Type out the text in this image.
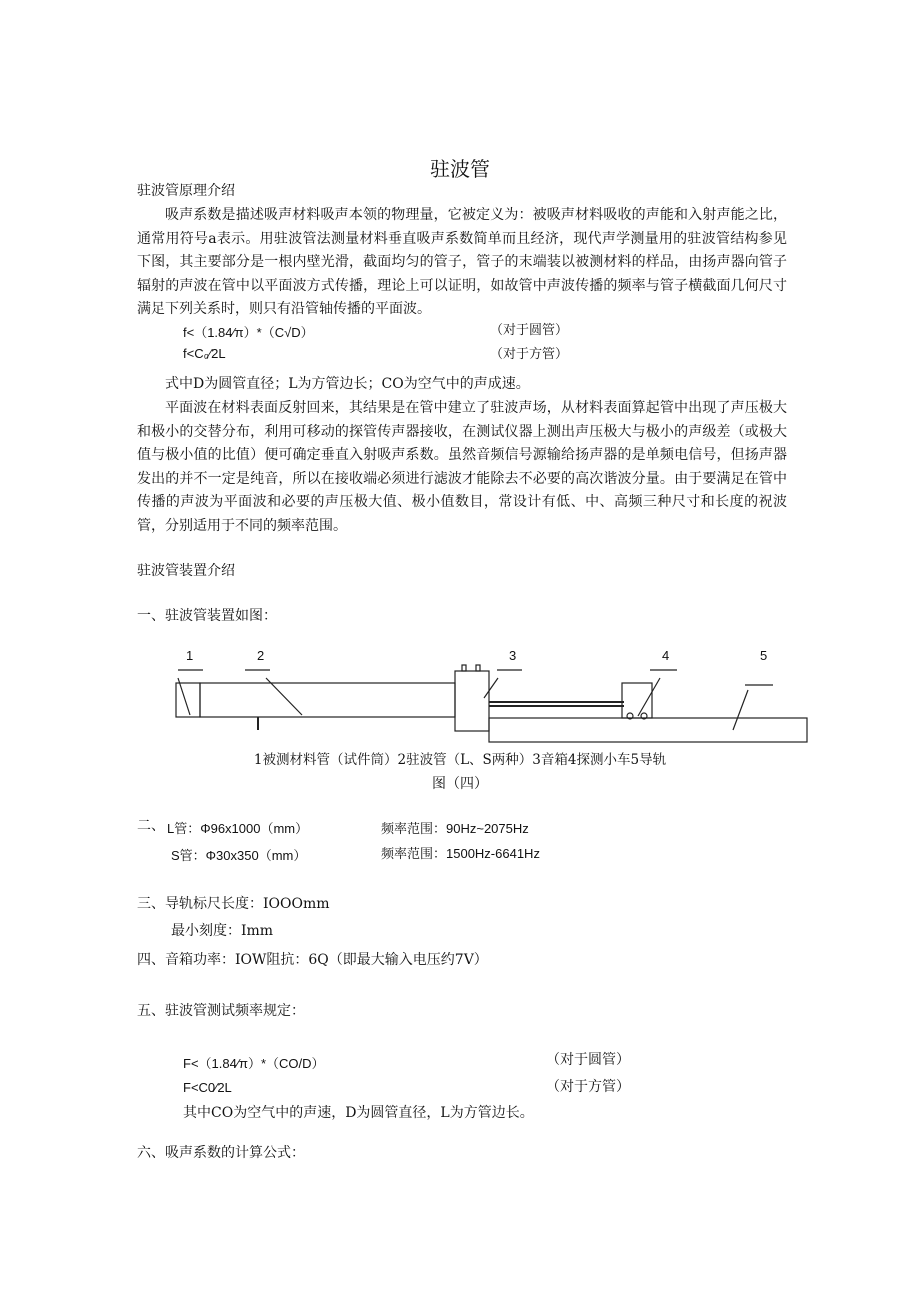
驻波管
驻波管原理介绍

吸声系数是描述吸声材料吸声本领的物理量，它被定义为：被吸声材料吸收的声能和入射声能之比，通常用符号a表示。用驻波管法测量材料垂直吸声系数简单而且经济，现代声学测量用的驻波管结构参见下图，其主要部分是一根内壁光滑，截面均匀的管子，管子的末端装以被测材料的样品，由扬声器向管子辐射的声波在管中以平面波方式传播，理论上可以证明，如故管中声波传播的频率与管子横截面几何尺寸满足下列关系时，则只有沿管轴传播的平面波。

f<（1.84⁄π）*（C√D）	（对于圆管）
f<C₀⁄2L	（对于方管）
式中D为圆管直径；L为方管边长；CO为空气中的声成速。

平面波在材料表面反射回来，其结果是在管中建立了驻波声场，从材料表面算起管中出现了声压极大和极小的交替分布，利用可移动的探管传声器接收，在测试仪器上测出声压极大与极小的声级差（或极大值与极小值的比值）便可确定垂直入射吸声系数。虽然音频信号源输给扬声器的是单频电信号，但扬声器发出的并不一定是纯音，所以在接收端必须进行滤波才能除去不必要的高次谐波分量。由于要满足在管中传播的声波为平面波和必要的声压极大值、极小值数目，常设计有低、中、高频三种尺寸和长度的祝波管，分别适用于不同的频率范围。

驻波管装置介绍
一、驻波管装置如图：
1	2	3	4	5
1被测材料管（试件筒）2驻波管（L、S两种）3音箱4探测小车5导轨
图（四）
二、 L管：Φ96x1000（mm）	频率范围：90Hz~2075Hz
S管：Φ30x350（mm）	频率范围：1500Hz-6641Hz
三、导轨标尺长度：IOOOmm
最小刻度：Imm
四、音箱功率：IOW阻抗：6Q（即最大输入电压约7V）
五、驻波管测试频率规定：
F<（1.84⁄π）*（CO/D）	（对于圆管）
F<C0⁄2L	（对于方管）
其中CO为空气中的声速，D为圆管直径，L为方管边长。
六、吸声系数的计算公式：
